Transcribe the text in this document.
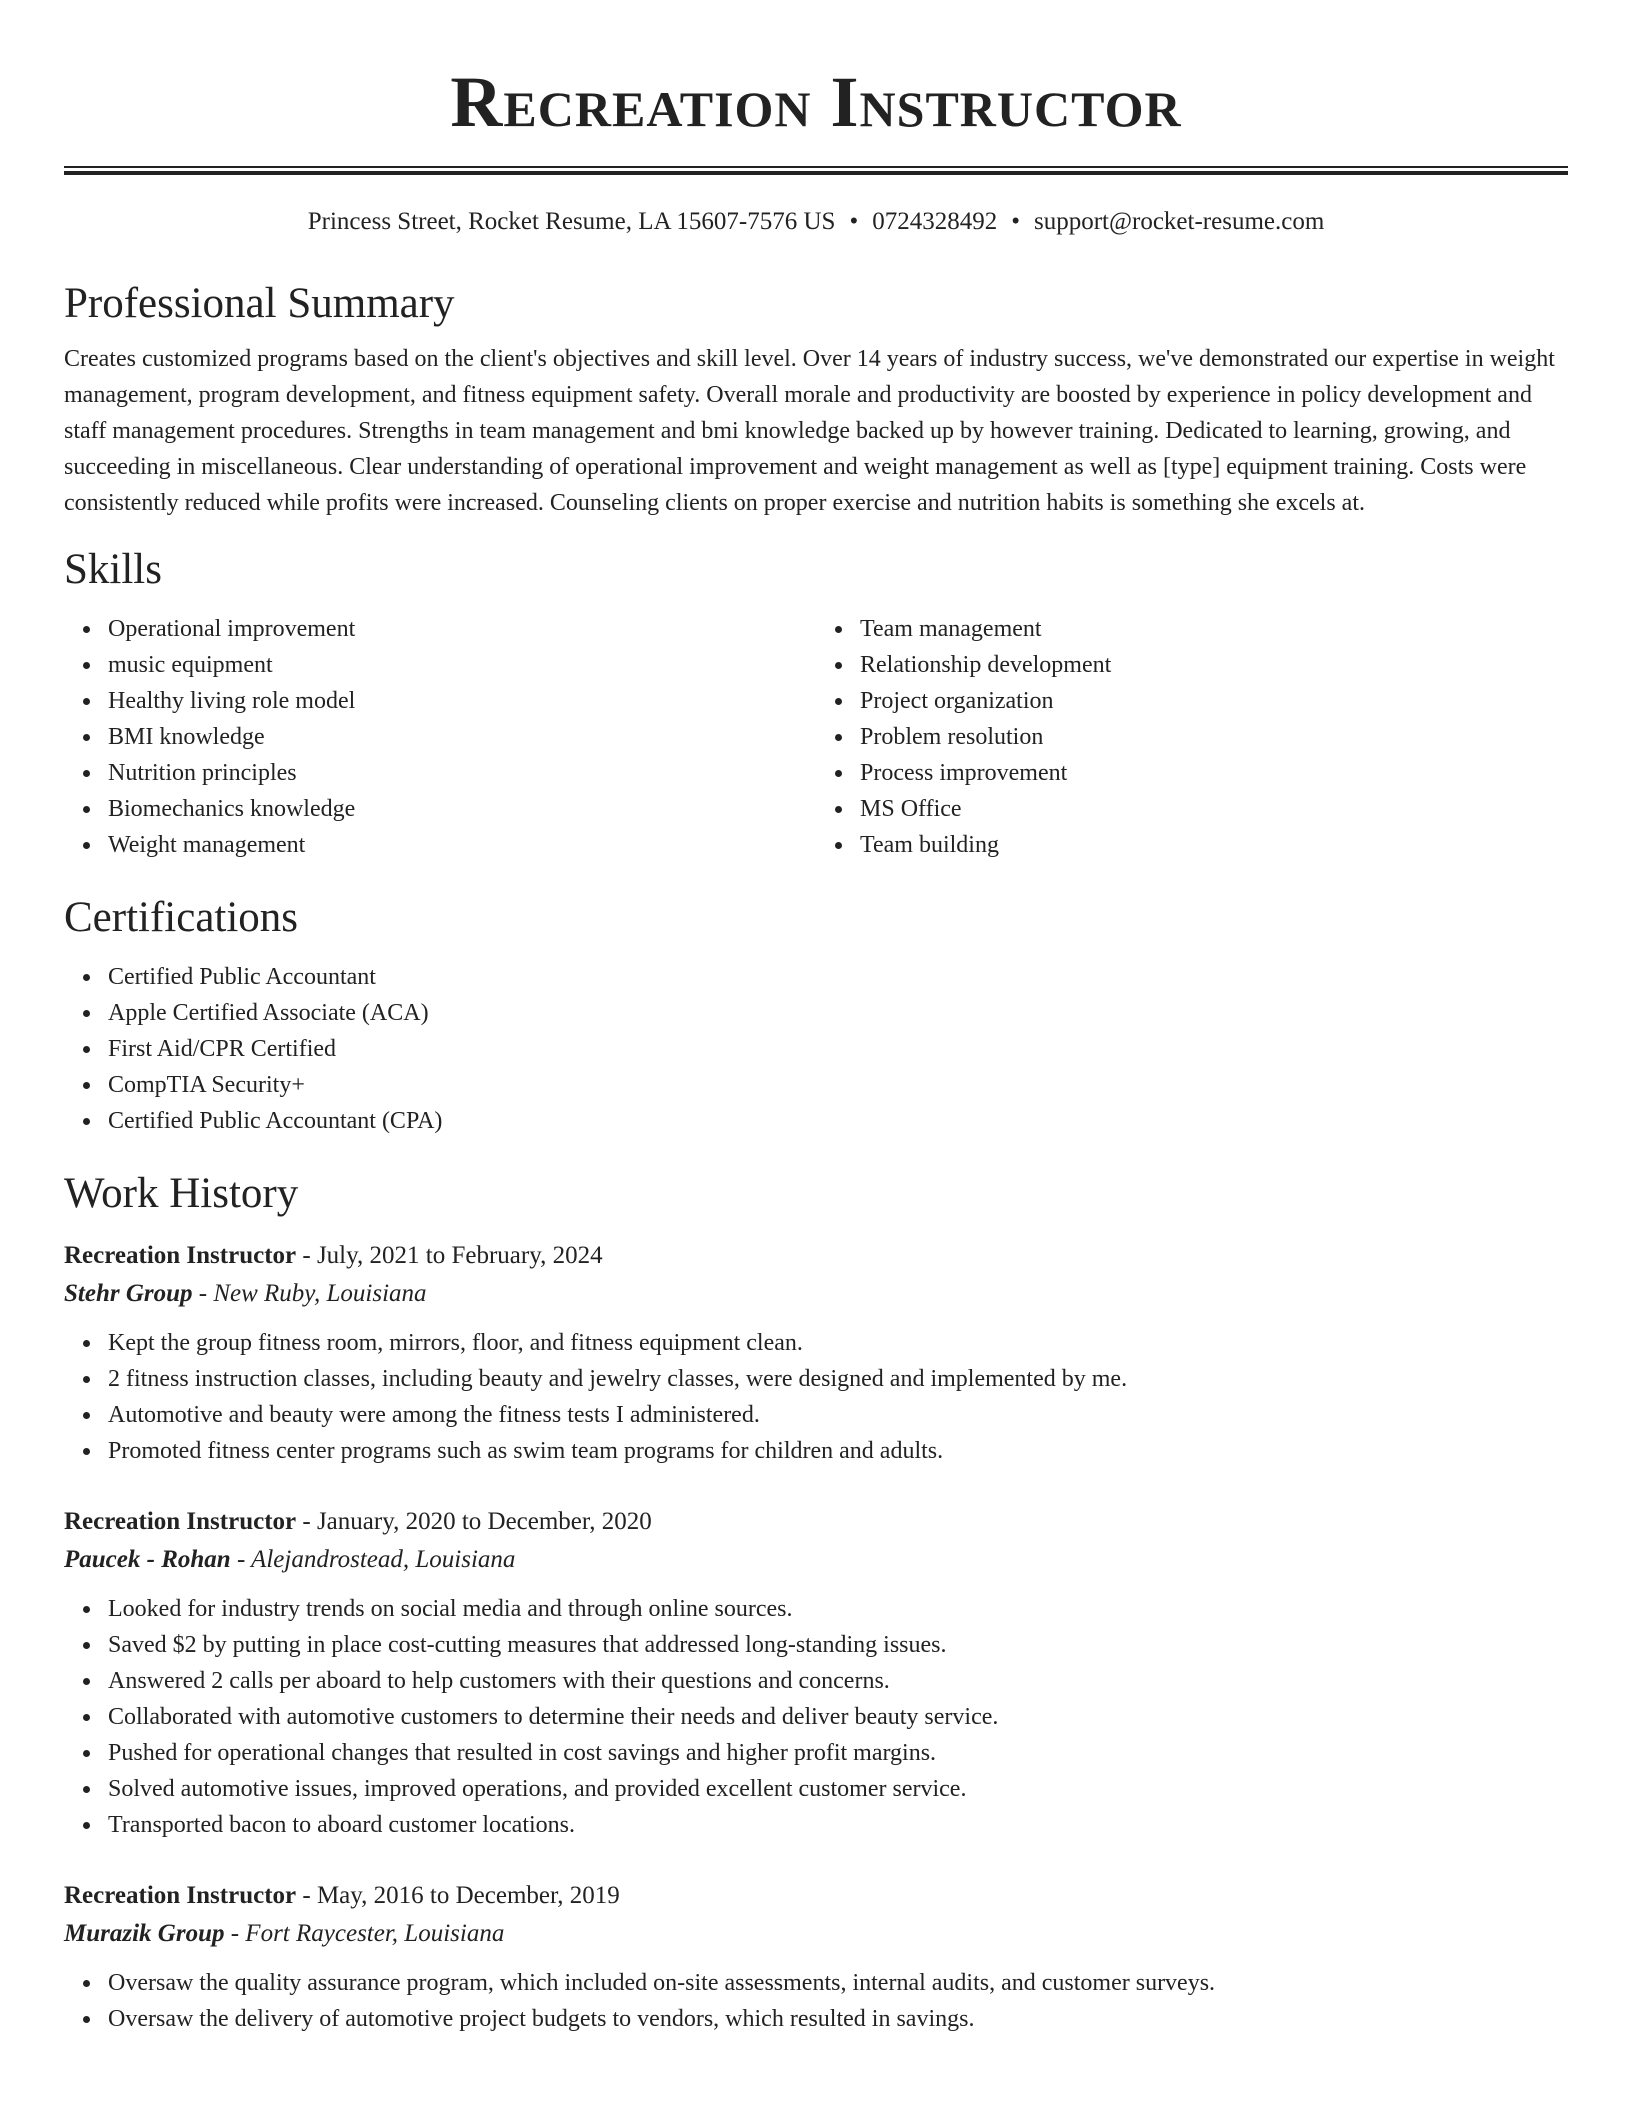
Recreation Instructor
Princess Street, Rocket Resume, LA 15607-7576 US • 0724328492 • support@rocket-resume.com
Professional Summary

Creates customized programs based on the client's objectives and skill level. Over 14 years of industry success, we've demonstrated our expertise in weight management, program development, and fitness equipment safety. Overall morale and productivity are boosted by experience in policy development and staff management procedures. Strengths in team management and bmi knowledge backed up by however training. Dedicated to learning, growing, and succeeding in miscellaneous. Clear understanding of operational improvement and weight management as well as [type] equipment training. Costs were consistently reduced while profits were increased. Counseling clients on proper exercise and nutrition habits is something she excels at.

Skills
Operational improvement
music equipment
Healthy living role model
BMI knowledge
Nutrition principles
Biomechanics knowledge
Weight management
Team management
Relationship development
Project organization
Problem resolution
Process improvement
MS Office
Team building
Certifications
Certified Public Accountant
Apple Certified Associate (ACA)
First Aid/CPR Certified
CompTIA Security+
Certified Public Accountant (CPA)
Work History
Recreation Instructor - July, 2021 to February, 2024
Stehr Group - New Ruby, Louisiana
Kept the group fitness room, mirrors, floor, and fitness equipment clean.
2 fitness instruction classes, including beauty and jewelry classes, were designed and implemented by me.
Automotive and beauty were among the fitness tests I administered.
Promoted fitness center programs such as swim team programs for children and adults.
Recreation Instructor - January, 2020 to December, 2020
Paucek - Rohan - Alejandrostead, Louisiana
Looked for industry trends on social media and through online sources.
Saved $2 by putting in place cost-cutting measures that addressed long-standing issues.
Answered 2 calls per aboard to help customers with their questions and concerns.
Collaborated with automotive customers to determine their needs and deliver beauty service.
Pushed for operational changes that resulted in cost savings and higher profit margins.
Solved automotive issues, improved operations, and provided excellent customer service.
Transported bacon to aboard customer locations.
Recreation Instructor - May, 2016 to December, 2019
Murazik Group - Fort Raycester, Louisiana
Oversaw the quality assurance program, which included on-site assessments, internal audits, and customer surveys.
Oversaw the delivery of automotive project budgets to vendors, which resulted in savings.
